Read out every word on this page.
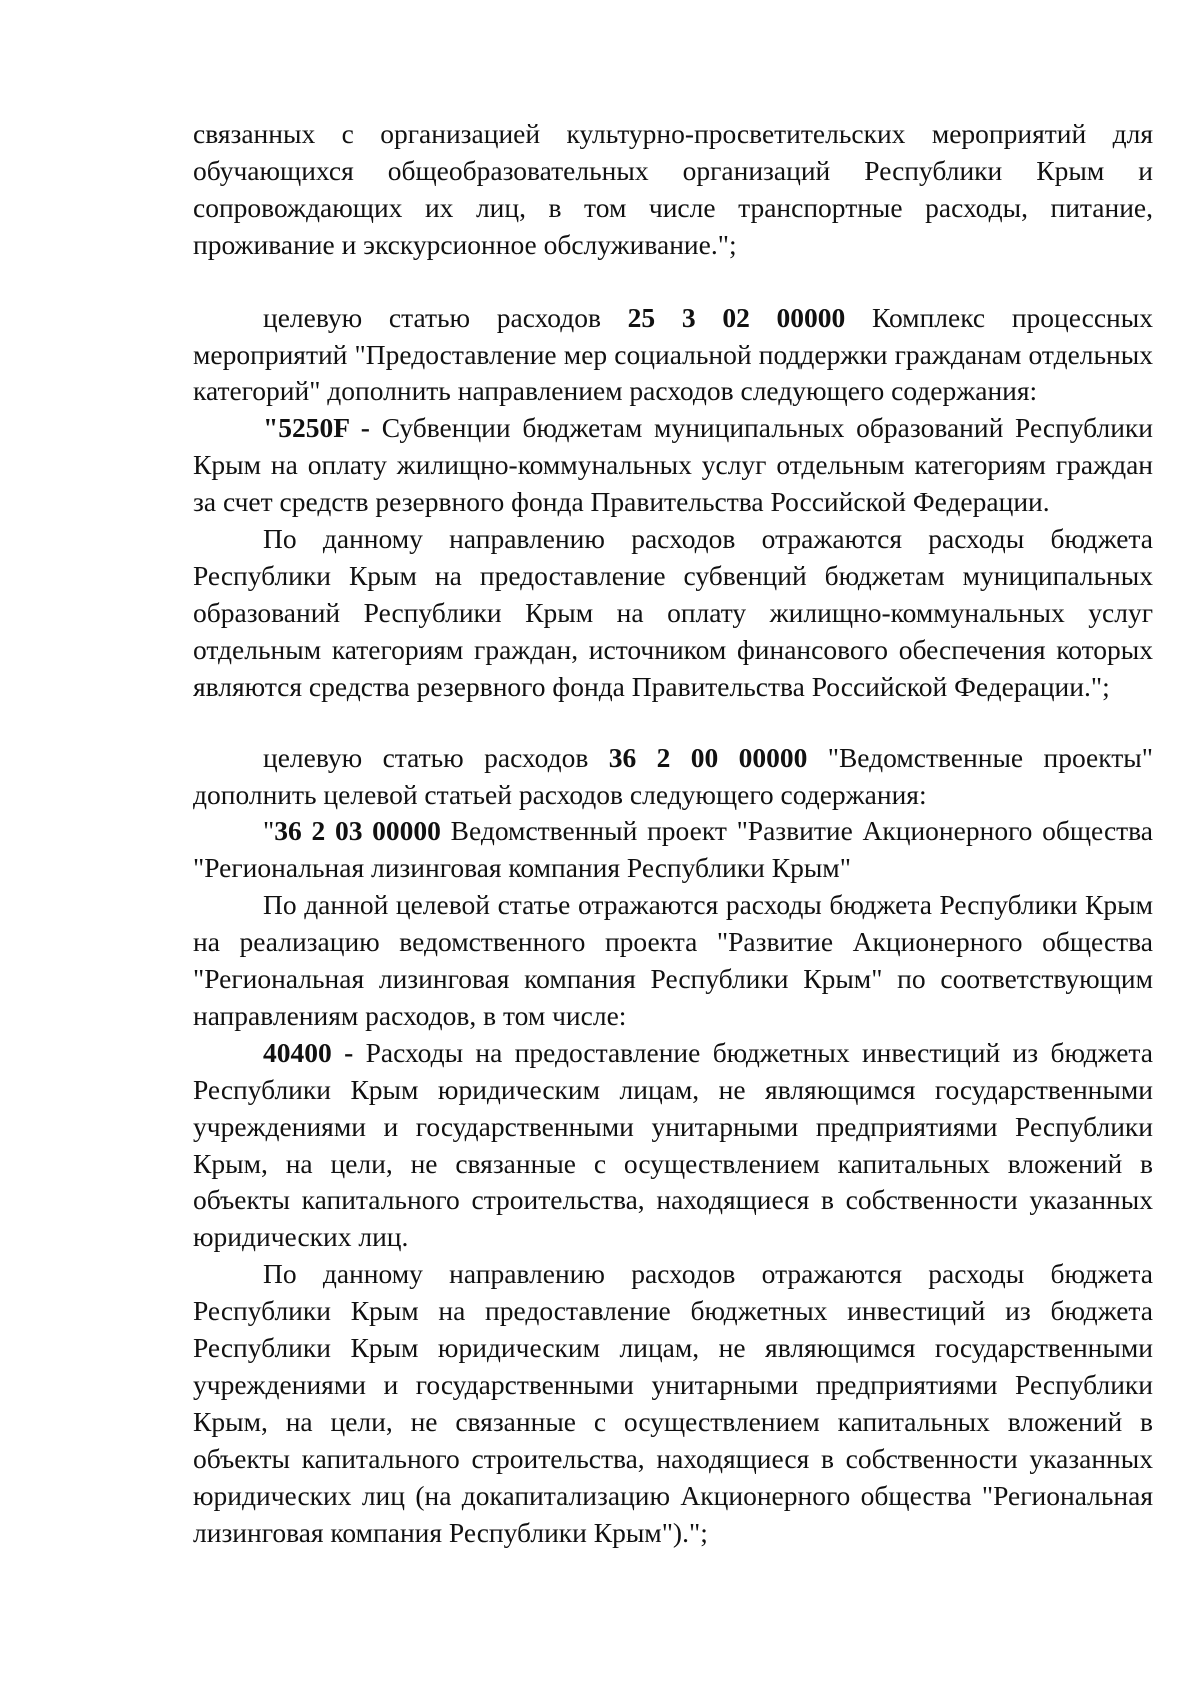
связанных с организацией культурно-просветительских мероприятий для обучающихся общеобразовательных организаций Республики Крым и сопровождающих их лиц, в том числе транспортные расходы, питание, проживание и экскурсионное обслуживание.";

целевую статью расходов 25 3 02 00000 Комплекс процессных мероприятий "Предоставление мер социальной поддержки гражданам отдельных категорий" дополнить направлением расходов следующего содержания:

"5250F - Субвенции бюджетам муниципальных образований Республики Крым на оплату жилищно-коммунальных услуг отдельным категориям граждан за счет средств резервного фонда Правительства Российской Федерации.

По данному направлению расходов отражаются расходы бюджета Республики Крым на предоставление субвенций бюджетам муниципальных образований Республики Крым на оплату жилищно-коммунальных услуг отдельным категориям граждан, источником финансового обеспечения которых являются средства резервного фонда Правительства Российской Федерации.";

целевую статью расходов 36 2 00 00000 "Ведомственные проекты" дополнить целевой статьей расходов следующего содержания:

"36 2 03 00000 Ведомственный проект "Развитие Акционерного общества "Региональная лизинговая компания Республики Крым"

По данной целевой статье отражаются расходы бюджета Республики Крым на реализацию ведомственного проекта "Развитие Акционерного общества "Региональная лизинговая компания Республики Крым" по соответствующим направлениям расходов, в том числе:

40400 - Расходы на предоставление бюджетных инвестиций из бюджета Республики Крым юридическим лицам, не являющимся государственными учреждениями и государственными унитарными предприятиями Республики Крым, на цели, не связанные с осуществлением капитальных вложений в объекты капитального строительства, находящиеся в собственности указанных юридических лиц.

По данному направлению расходов отражаются расходы бюджета Республики Крым на предоставление бюджетных инвестиций из бюджета Республики Крым юридическим лицам, не являющимся государственными учреждениями и государственными унитарными предприятиями Республики Крым, на цели, не связанные с осуществлением капитальных вложений в объекты капитального строительства, находящиеся в собственности указанных юридических лиц (на докапитализацию Акционерного общества "Региональная лизинговая компания Республики Крым").";
